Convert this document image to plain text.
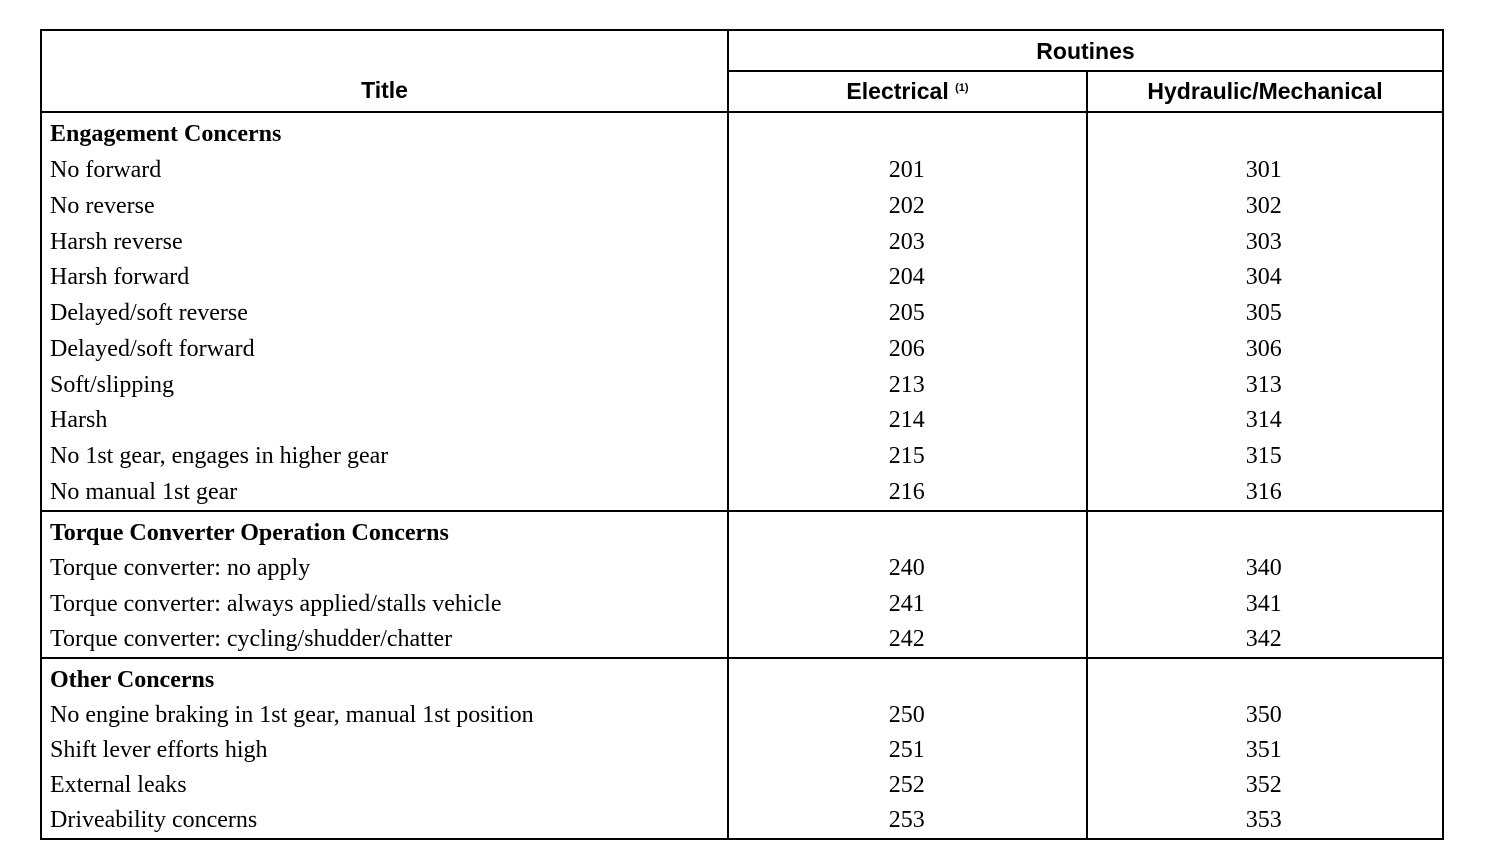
Title
Routines
Electrical $^{(1)}$	Hydraulic/Mechanical
Engagement Concerns
No forward	201	301
No reverse	202	302
Harsh reverse	203	303
Harsh forward	204	304
Delayed/soft reverse	205	305
Delayed/soft forward	206	306
Soft/slipping	213	313
Harsh	214	314
No 1st gear, engages in higher gear	215	315
No manual 1st gear	216	316
Torque Converter Operation Concerns
Torque converter: no apply	240	340
Torque converter: always applied/stalls vehicle	241	341
Torque converter: cycling/shudder/chatter	242	342
Other Concerns
No engine braking in 1st gear, manual 1st position	250	350
Shift lever efforts high	251	351
External leaks	252	352
Driveability concerns	253	353
